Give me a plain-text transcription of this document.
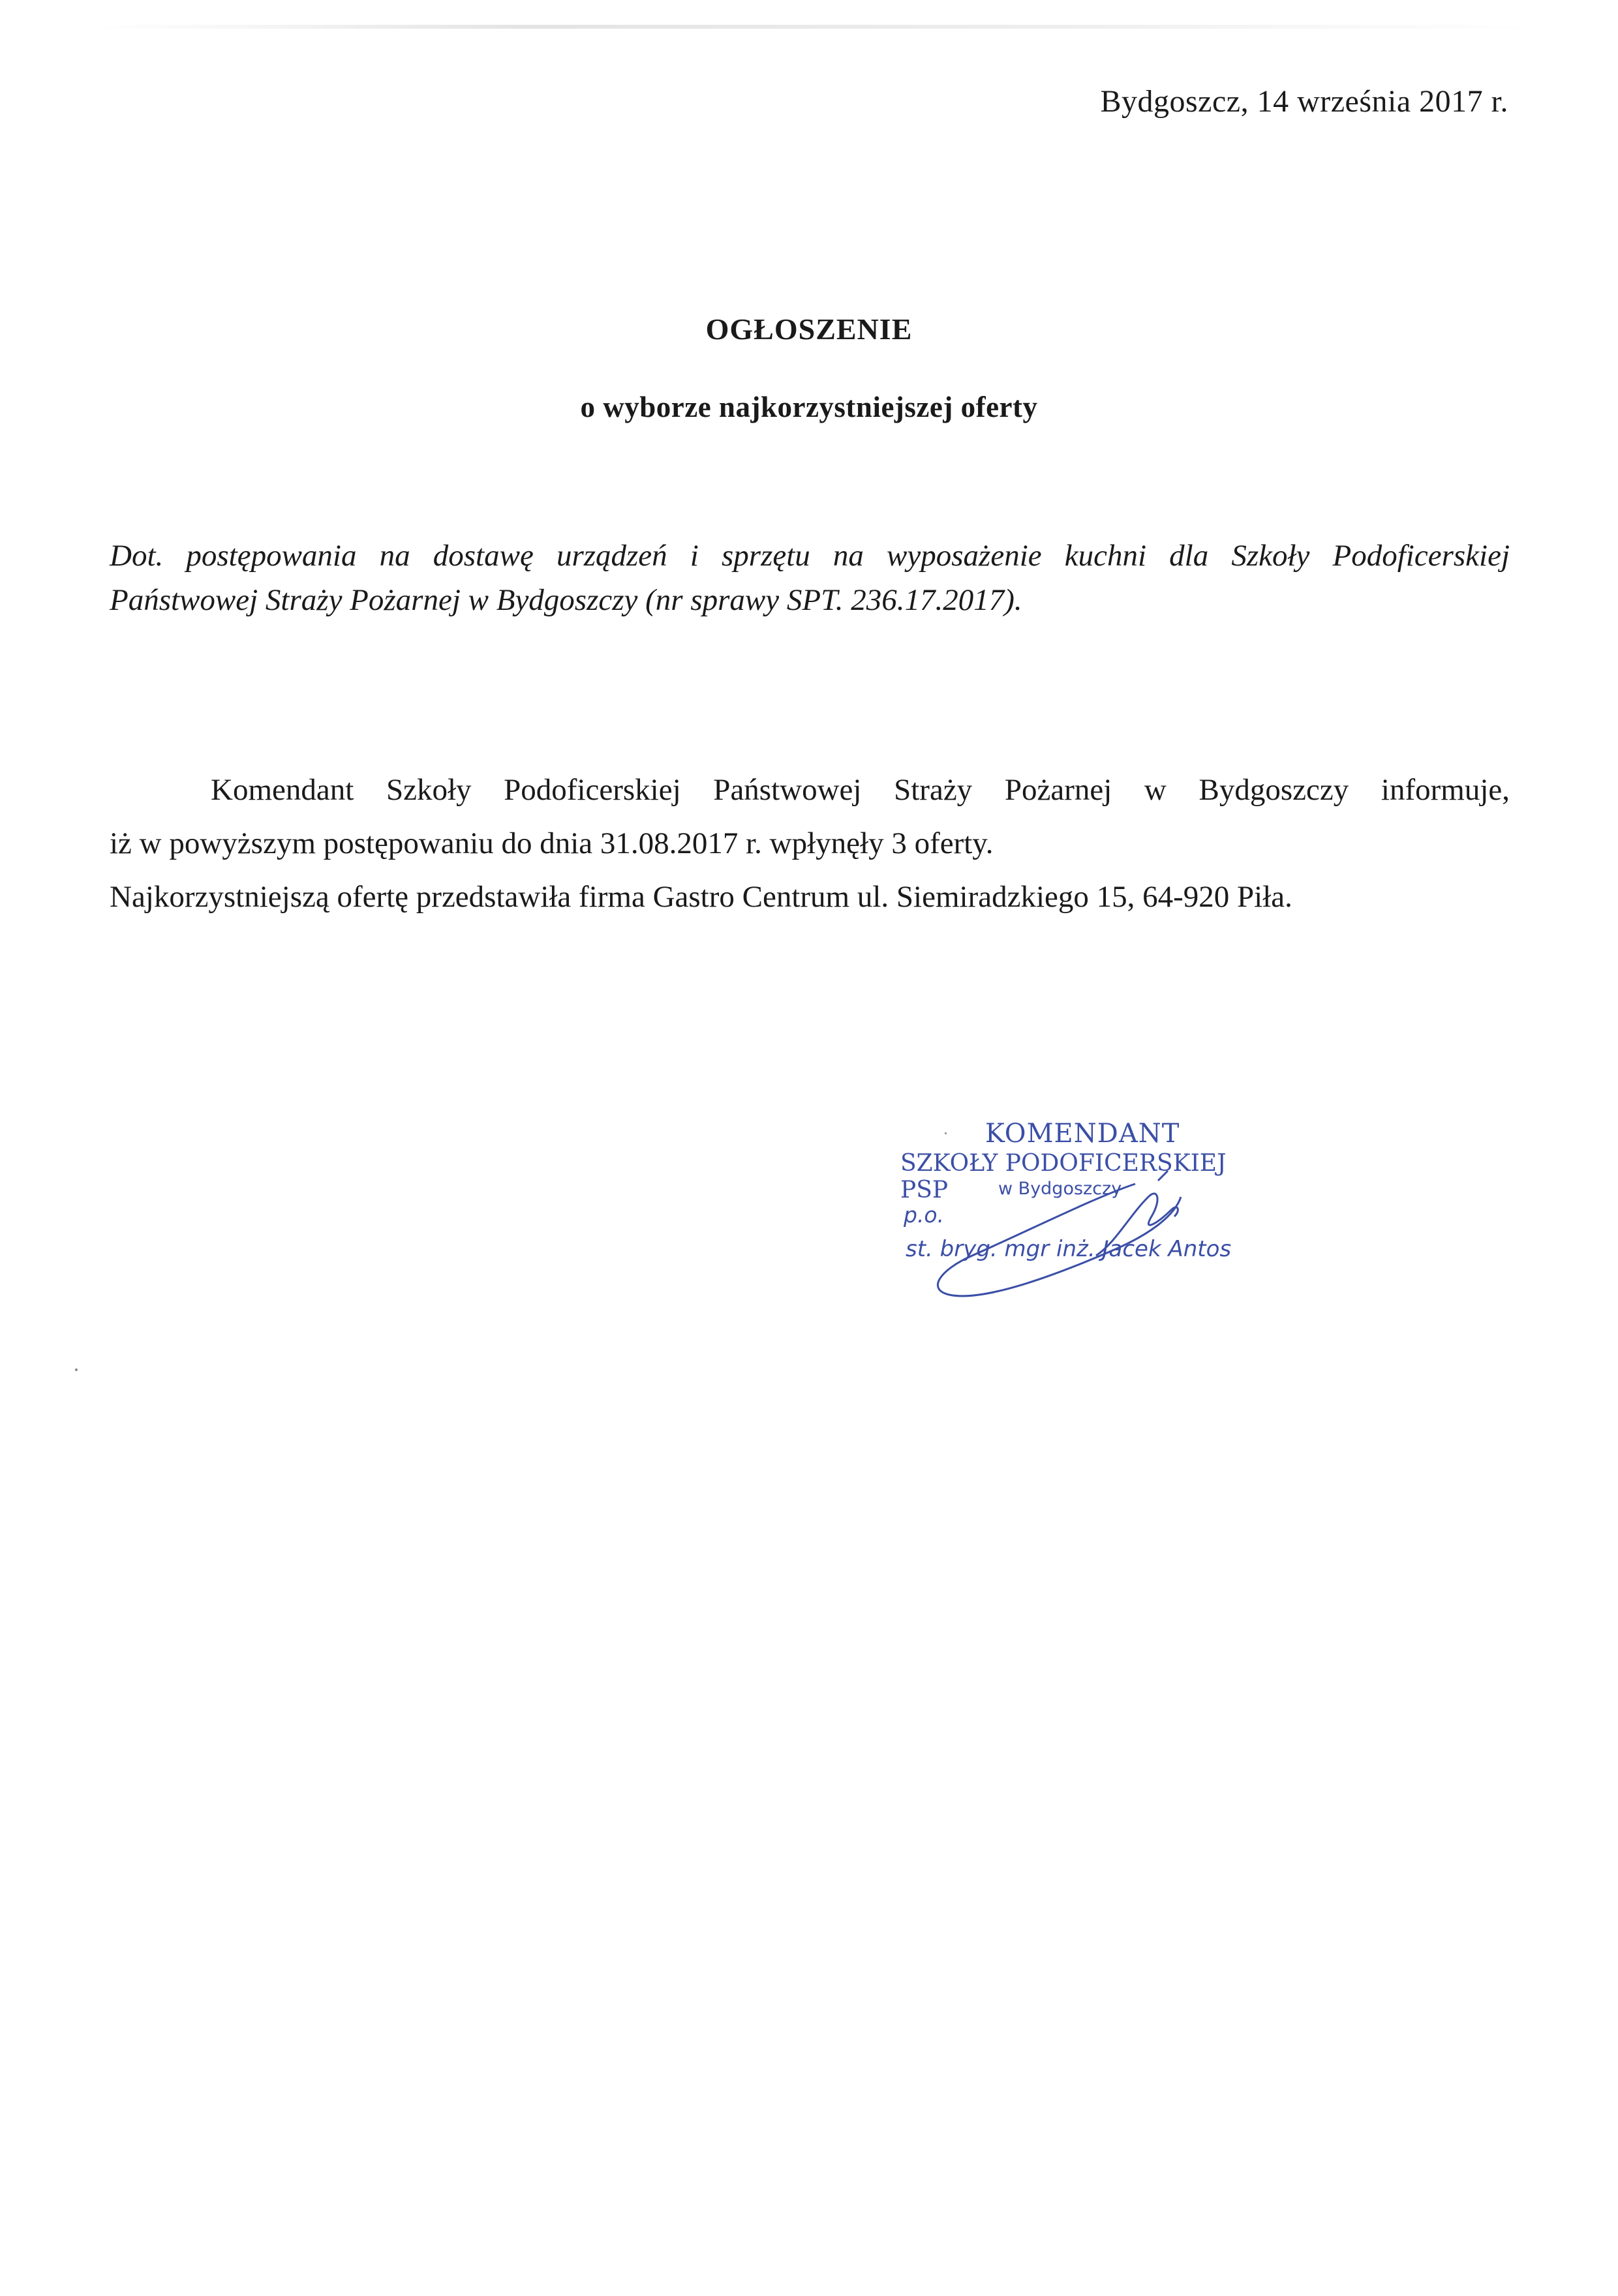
Bydgoszcz, 14 września 2017 r.
OGŁOSZENIE
o wyborze najkorzystniejszej oferty
Dot. postępowania na dostawę urządzeń i sprzętu na wyposażenie kuchni dla Szkoły Podoficerskiej
Państwowej Straży Pożarnej w Bydgoszczy (nr sprawy SPT. 236.17.2017).
Komendant Szkoły Podoficerskiej Państwowej Straży Pożarnej w Bydgoszczy informuje,
iż w powyższym postępowaniu do dnia 31.08.2017 r. wpłynęły 3 oferty.
Najkorzystniejszą ofertę przedstawiła firma Gastro Centrum ul. Siemiradzkiego 15, 64-920 Piła.
KOMENDANT
SZKOŁY PODOFICERSKIEJ PSP	w Bydgoszczy
p.o.
st. bryg. mgr inż. Jacek Antos
